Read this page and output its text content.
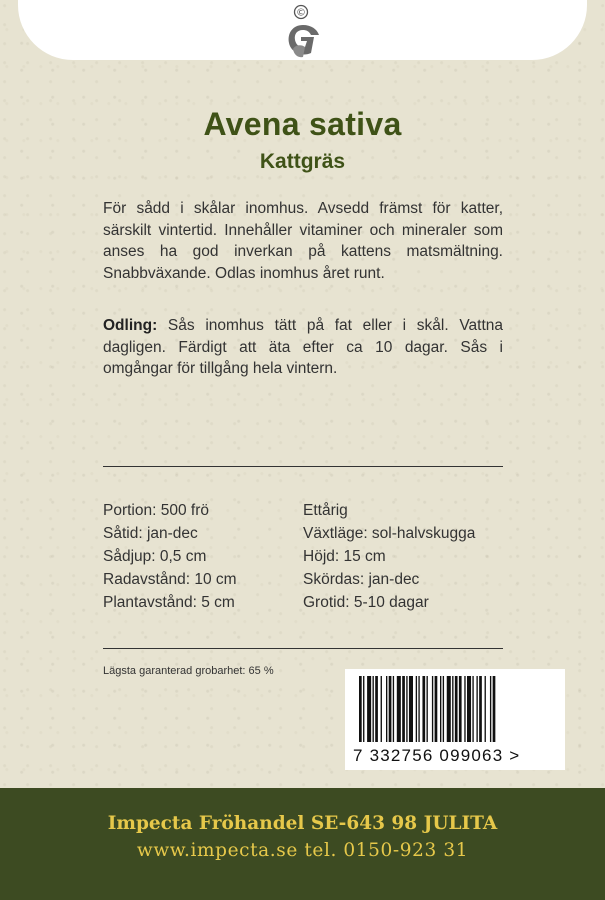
©
Avena sativa
Kattgräs
För sådd i skålar inomhus. Avsedd främst för katter, särskilt vintertid. Innehåller vitaminer och mineraler som anses ha god inverkan på kattens matsmältning. Snabbväxande. Odlas inomhus året runt.
Odling: Sås inomhus tätt på fat eller i skål. Vattna dagligen. Färdigt att äta efter ca 10 dagar. Sås i omgångar för tillgång hela vintern.
Portion: 500 frö
Såtid: jan-dec
Sådjup: 0,5 cm
Radavstånd: 10 cm
Plantavstånd: 5 cm
Ettårig
Växtläge: sol-halvskugga
Höjd: 15 cm
Skördas: jan-dec
Grotid: 5-10 dagar
Lägsta garanterad grobarhet: 65 %
7 332756 099063 >
Impecta Fröhandel SE-643 98 JULITA
www.impecta.se tel. 0150-923 31
